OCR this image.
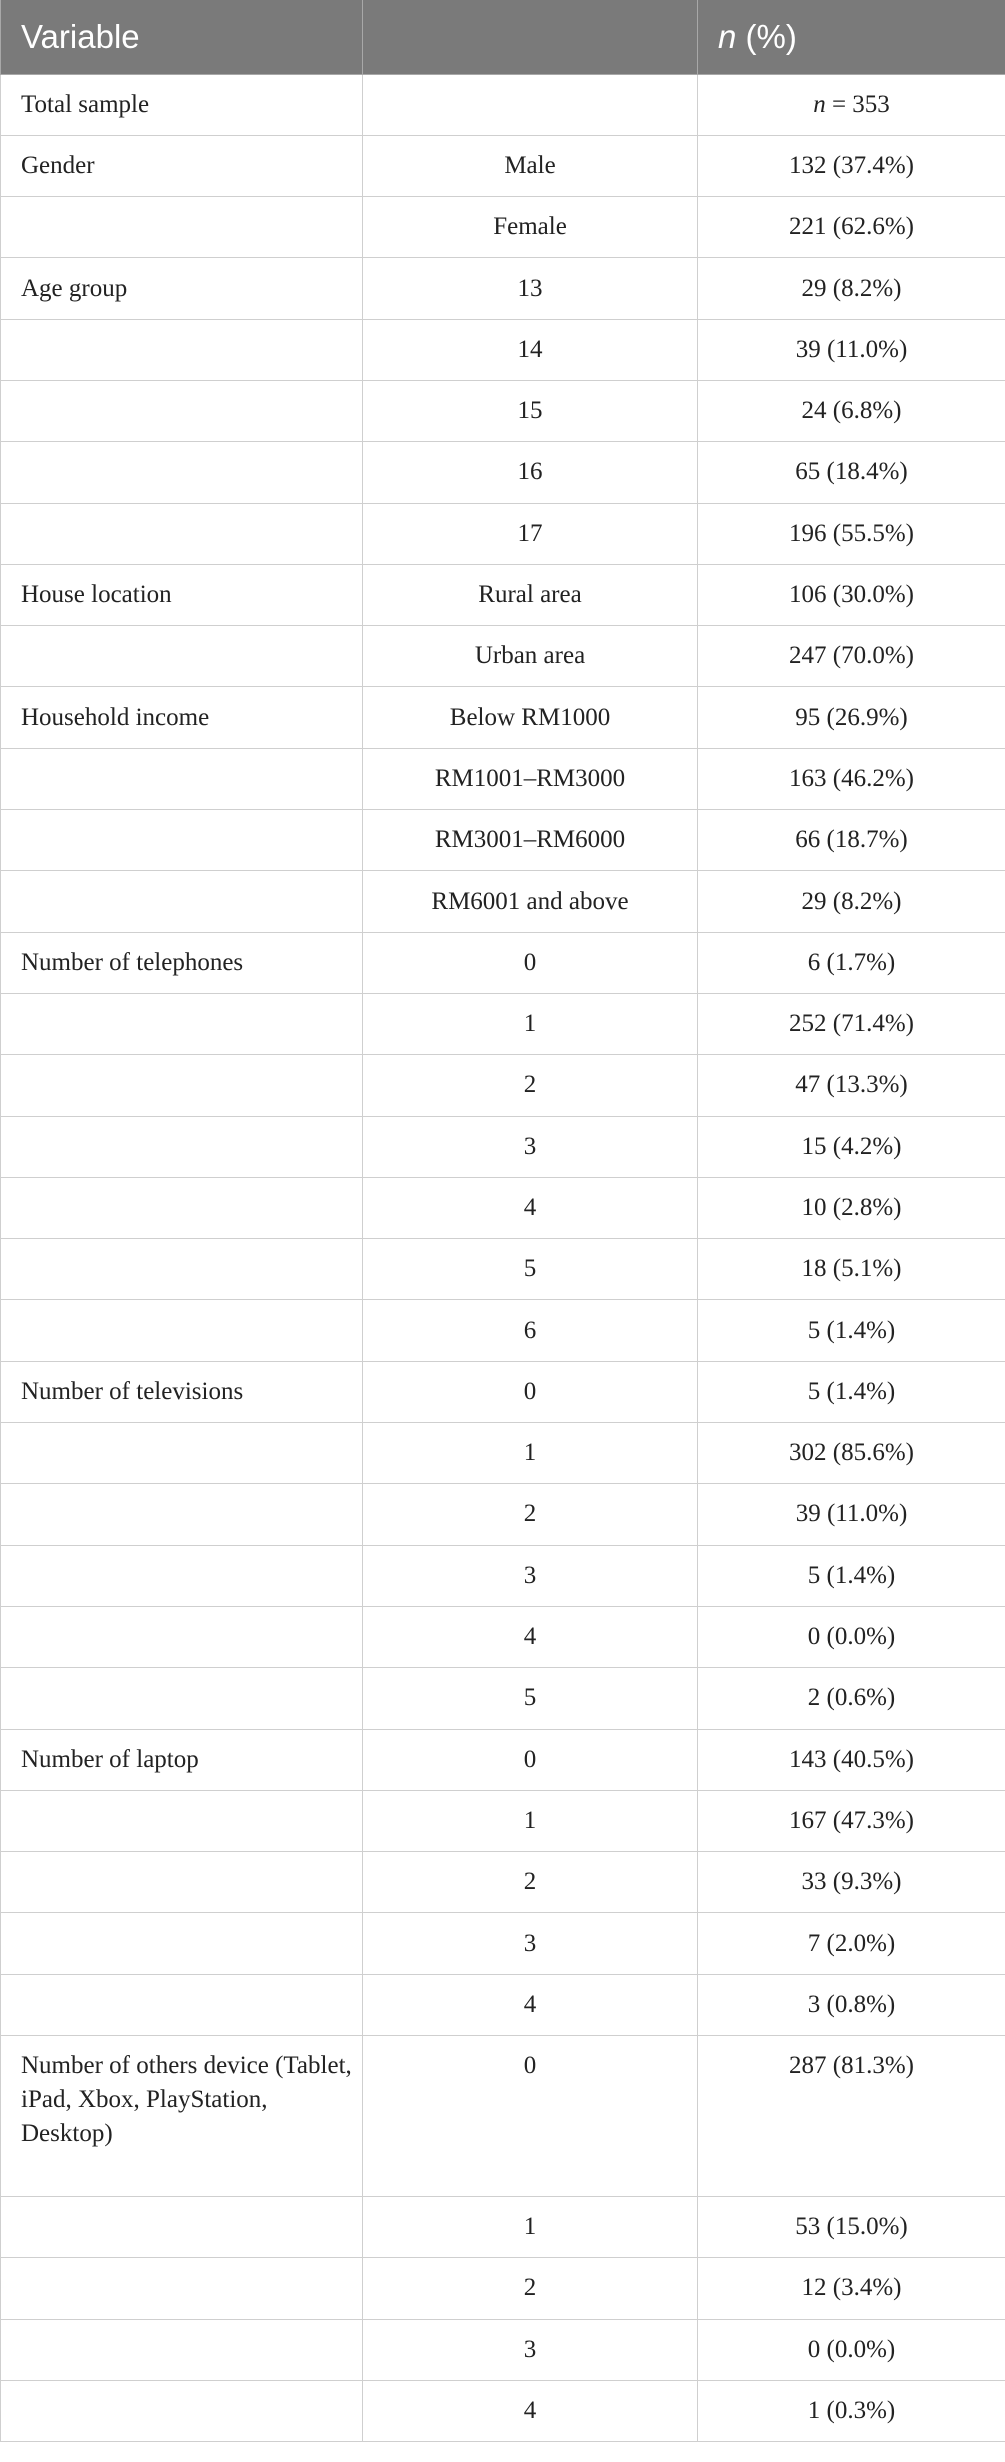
Variable		n (%)
Total sample		n = 353
Gender	Male	132 (37.4%)
	Female	221 (62.6%)
Age group	13	29 (8.2%)
	14	39 (11.0%)
	15	24 (6.8%)
	16	65 (18.4%)
	17	196 (55.5%)
House location	Rural area	106 (30.0%)
	Urban area	247 (70.0%)
Household income	Below RM1000	95 (26.9%)
	RM1001–RM3000	163 (46.2%)
	RM3001–RM6000	66 (18.7%)
	RM6001 and above	29 (8.2%)
Number of telephones	0	6 (1.7%)
	1	252 (71.4%)
	2	47 (13.3%)
	3	15 (4.2%)
	4	10 (2.8%)
	5	18 (5.1%)
	6	5 (1.4%)
Number of televisions	0	5 (1.4%)
	1	302 (85.6%)
	2	39 (11.0%)
	3	5 (1.4%)
	4	0 (0.0%)
	5	2 (0.6%)
Number of laptop	0	143 (40.5%)
	1	167 (47.3%)
	2	33 (9.3%)
	3	7 (2.0%)
	4	3 (0.8%)
Number of others device (Tablet, iPad, Xbox, PlayStation, Desktop)	0	287 (81.3%)
	1	53 (15.0%)
	2	12 (3.4%)
	3	0 (0.0%)
	4	1 (0.3%)
